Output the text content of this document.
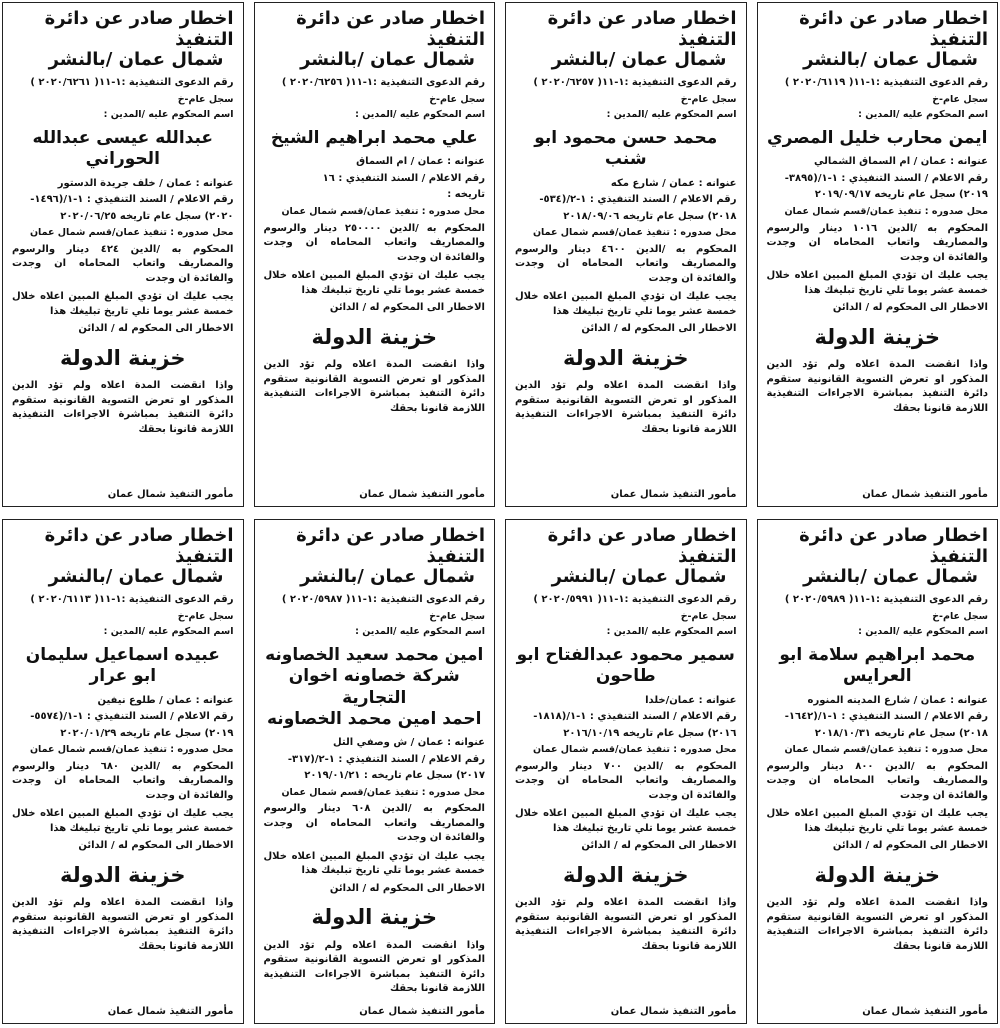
اخطار صادر عن دائرة التنفيذ
شمال عمان /بالنشر
رقم الدعوى التنفيذية :١-١١( ٢٠٢٠/٦٢٦١ )
سجل عام-خ
اسم المحكوم عليه /المدين :
عبدالله عيسى عبدالله الحوراني
عنوانه : عمان / خلف جريدة الدستور
رقم الاعلام / السند التنفيذي : ١-١/(١٤٩٦-
٢٠٢٠) سجل عام تاريخه ٢٠٢٠/٠٦/٢٥
محل صدوره : تنفيذ عمان/قسم شمال عمان
المحكوم به /الدين ٤٢٤ دينار والرسوم والمصاريف واتعاب المحاماه ان وجدت والفائدة ان وجدت
يجب عليك ان تؤدي المبلغ المبين اعلاه خلال خمسة عشر يوما تلي تاريخ تبليغك هذا
الاخطار الى المحكوم له / الدائن
خزينة الدولة
واذا انقضت المدة اعلاه ولم تؤد الدين المذكور او تعرض التسوية القانونية ستقوم دائرة التنفيذ بمباشرة الاجراءات التنفيذية اللازمة قانونا بحقك
مأمور التنفيذ شمال عمان
اخطار صادر عن دائرة التنفيذ
شمال عمان /بالنشر
رقم الدعوى التنفيذية :١-١١( ٢٠٢٠/٦٢٥٦ )
سجل عام-خ
اسم المحكوم عليه /المدين :
علي محمد ابراهيم الشيخ
عنوانه : عمان / ام السماق
رقم الاعلام / السند التنفيذي : ١٦
تاريخه :
محل صدوره : تنفيذ عمان/قسم شمال عمان
المحكوم به /الدين ٢٥٠٠٠٠ دينار والرسوم والمصاريف واتعاب المحاماه ان وجدت والفائدة ان وجدت
يجب عليك ان تؤدي المبلغ المبين اعلاه خلال خمسة عشر يوما تلي تاريخ تبليغك هذا
الاخطار الى المحكوم له / الدائن
خزينة الدولة
واذا انقضت المدة اعلاه ولم تؤد الدين المذكور او تعرض التسوية القانونية ستقوم دائرة التنفيذ بمباشرة الاجراءات التنفيذية اللازمة قانونا بحقك
مأمور التنفيذ شمال عمان
اخطار صادر عن دائرة التنفيذ
شمال عمان /بالنشر
رقم الدعوى التنفيذية :١-١١( ٢٠٢٠/٦٢٥٧ )
سجل عام-خ
اسم المحكوم عليه /المدين :
محمد حسن محمود ابو شنب
عنوانه : عمان / شارع مكه
رقم الاعلام / السند التنفيذي : ١-٢/(٥٣٤-
٢٠١٨) سجل عام تاريخه ٢٠١٨/٠٩/٠٦
محل صدوره : تنفيذ عمان/قسم شمال عمان
المحكوم به /الدين ٤٦٠٠ دينار والرسوم والمصاريف واتعاب المحاماه ان وجدت والفائدة ان وجدت
يجب عليك ان تؤدي المبلغ المبين اعلاه خلال خمسة عشر يوما تلي تاريخ تبليغك هذا
الاخطار الى المحكوم له / الدائن
خزينة الدولة
واذا انقضت المدة اعلاه ولم تؤد الدين المذكور او تعرض التسوية القانونية ستقوم دائرة التنفيذ بمباشرة الاجراءات التنفيذية اللازمة قانونا بحقك
مأمور التنفيذ شمال عمان
اخطار صادر عن دائرة التنفيذ
شمال عمان /بالنشر
رقم الدعوى التنفيذية :١-١١( ٢٠٢٠/٦١١٩ )
سجل عام-خ
اسم المحكوم عليه /المدين :
ايمن محارب خليل المصري
عنوانه : عمان / ام السماق الشمالي
رقم الاعلام / السند التنفيذي : ١-١/(٣٨٩٥-
٢٠١٩) سجل عام تاريخه ٢٠١٩/٠٩/١٧
محل صدوره : تنفيذ عمان/قسم شمال عمان
المحكوم به /الدين ١٠١٦ دينار والرسوم والمصاريف واتعاب المحاماه ان وجدت والفائدة ان وجدت
يجب عليك ان تؤدي المبلغ المبين اعلاه خلال خمسة عشر يوما تلي تاريخ تبليغك هذا
الاخطار الى المحكوم له / الدائن
خزينة الدولة
واذا انقضت المدة اعلاه ولم تؤد الدين المذكور او تعرض التسوية القانونية ستقوم دائرة التنفيذ بمباشرة الاجراءات التنفيذية اللازمة قانونا بحقك
مأمور التنفيذ شمال عمان
اخطار صادر عن دائرة التنفيذ
شمال عمان /بالنشر
رقم الدعوى التنفيذية :١-١١( ٢٠٢٠/٦١١٣ )
سجل عام-خ
اسم المحكوم عليه /المدين :
عبيده اسماعيل سليمان ابو عرار
عنوانه : عمان / طلوع نيفين
رقم الاعلام / السند التنفيذي : ١-١/(٥٥٧٤-
٢٠١٩) سجل عام تاريخه ٢٠٢٠/٠١/٢٩
محل صدوره : تنفيذ عمان/قسم شمال عمان
المحكوم به /الدين ٦٨٠ دينار والرسوم والمصاريف واتعاب المحاماه ان وجدت والفائدة ان وجدت
يجب عليك ان تؤدي المبلغ المبين اعلاه خلال خمسة عشر يوما تلي تاريخ تبليغك هذا
الاخطار الى المحكوم له / الدائن
خزينة الدولة
واذا انقضت المدة اعلاه ولم تؤد الدين المذكور او تعرض التسوية القانونية ستقوم دائرة التنفيذ بمباشرة الاجراءات التنفيذية اللازمة قانونا بحقك
مأمور التنفيذ شمال عمان
اخطار صادر عن دائرة التنفيذ
شمال عمان /بالنشر
رقم الدعوى التنفيذية :١-١١( ٢٠٢٠/٥٩٨٧ )
سجل عام-خ
اسم المحكوم عليه /المدين :
امين محمد سعيد الخصاونه
شركة خصاونه اخوان التجارية
احمد امين محمد الخصاونه
عنوانه : عمان / ش وصفي التل
رقم الاعلام / السند التنفيذي : ١-٢/(٣١٧-
٢٠١٧) سجل عام تاريخه : ٢٠١٩/٠١/٢١
محل صدوره : تنفيذ عمان/قسم شمال عمان
المحكوم به /الدين ٦٠٨ دينار والرسوم والمصاريف واتعاب المحاماه ان وجدت والفائدة ان وجدت
يجب عليك ان تؤدي المبلغ المبين اعلاه خلال خمسة عشر يوما تلي تاريخ تبليغك هذا
الاخطار الى المحكوم له / الدائن
خزينة الدولة
واذا انقضت المدة اعلاه ولم تؤد الدين المذكور او تعرض التسوية القانونية ستقوم دائرة التنفيذ بمباشرة الاجراءات التنفيذية اللازمة قانونا بحقك
مأمور التنفيذ شمال عمان
اخطار صادر عن دائرة التنفيذ
شمال عمان /بالنشر
رقم الدعوى التنفيذية :١-١١( ٢٠٢٠/٥٩٩١ )
سجل عام-خ
اسم المحكوم عليه /المدين :
سمير محمود عبدالفتاح ابو طاحون
عنوانه : عمان/خلدا
رقم الاعلام / السند التنفيذي : ١-١/(١٨١٨-
٢٠١٦) سجل عام تاريخه ٢٠١٦/١٠/١٩
محل صدوره : تنفيذ عمان/قسم شمال عمان
المحكوم به /الدين ٧٠٠ دينار والرسوم والمصاريف واتعاب المحاماه ان وجدت والفائدة ان وجدت
يجب عليك ان تؤدي المبلغ المبين اعلاه خلال خمسة عشر يوما تلي تاريخ تبليغك هذا
الاخطار الى المحكوم له / الدائن
خزينة الدولة
واذا انقضت المدة اعلاه ولم تؤد الدين المذكور او تعرض التسوية القانونية ستقوم دائرة التنفيذ بمباشرة الاجراءات التنفيذية اللازمة قانونا بحقك
مأمور التنفيذ شمال عمان
اخطار صادر عن دائرة التنفيذ
شمال عمان /بالنشر
رقم الدعوى التنفيذية :١-١١( ٢٠٢٠/٥٩٨٩ )
سجل عام-خ
اسم المحكوم عليه /المدين :
محمد ابراهيم سلامة ابو العرايس
عنوانه : عمان / شارع المدينه المنوره
رقم الاعلام / السند التنفيذي : ١-١/(١٦٤٢-
٢٠١٨) سجل عام تاريخه ٢٠١٨/١٠/٣١
محل صدوره : تنفيذ عمان/قسم شمال عمان
المحكوم به /الدين ٨٠٠ دينار والرسوم والمصاريف واتعاب المحاماه ان وجدت والفائدة ان وجدت
يجب عليك ان تؤدي المبلغ المبين اعلاه خلال خمسة عشر يوما تلي تاريخ تبليغك هذا
الاخطار الى المحكوم له / الدائن
خزينة الدولة
واذا انقضت المدة اعلاه ولم تؤد الدين المذكور او تعرض التسوية القانونية ستقوم دائرة التنفيذ بمباشرة الاجراءات التنفيذية اللازمة قانونا بحقك
مأمور التنفيذ شمال عمان
